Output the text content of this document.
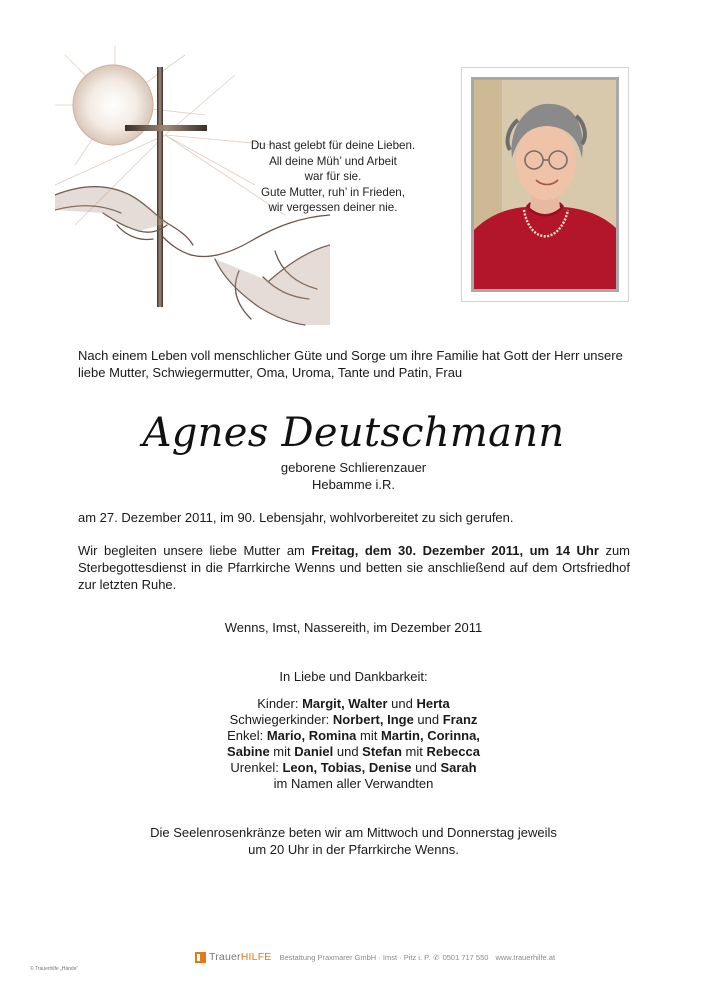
Du hast gelebt für deine Lieben.
All deine Müh’ und Arbeit
war für sie.
Gute Mutter, ruh’ in Frieden,
wir vergessen deiner nie.
Nach einem Leben voll menschlicher Güte und Sorge um ihre Familie hat Gott der Herr unsere liebe Mutter, Schwiegermutter, Oma, Uroma, Tante und Patin, Frau
Agnes Deutschmann
geborene Schlierenzauer
Hebamme i.R.
am 27. Dezember 2011, im 90. Lebensjahr, wohlvorbereitet zu sich gerufen.
Wir begleiten unsere liebe Mutter am Freitag, dem 30. Dezember 2011, um 14 Uhr zum Sterbegottesdienst in die Pfarrkirche Wenns und betten sie anschließend auf dem Ortsfriedhof zur letzten Ruhe.
Wenns, Imst, Nassereith, im Dezember 2011
In Liebe und Dankbarkeit:
Kinder: Margit, Walter und Herta
Schwiegerkinder: Norbert, Inge und Franz
Enkel: Mario, Romina mit Martin, Corinna,
Sabine mit Daniel und Stefan mit Rebecca
Urenkel: Leon, Tobias, Denise und Sarah
im Namen aller Verwandten
Die Seelenrosenkränze beten wir am Mittwoch und Donnerstag jeweils
um 20 Uhr in der Pfarrkirche Wenns.
TrauerHILFE Bestattung Praxmarer GmbH · Imst · Pitz i. P. ✆ 0501 717 550 www.trauerhilfe.at
© Trauerhilfe „Hände“
